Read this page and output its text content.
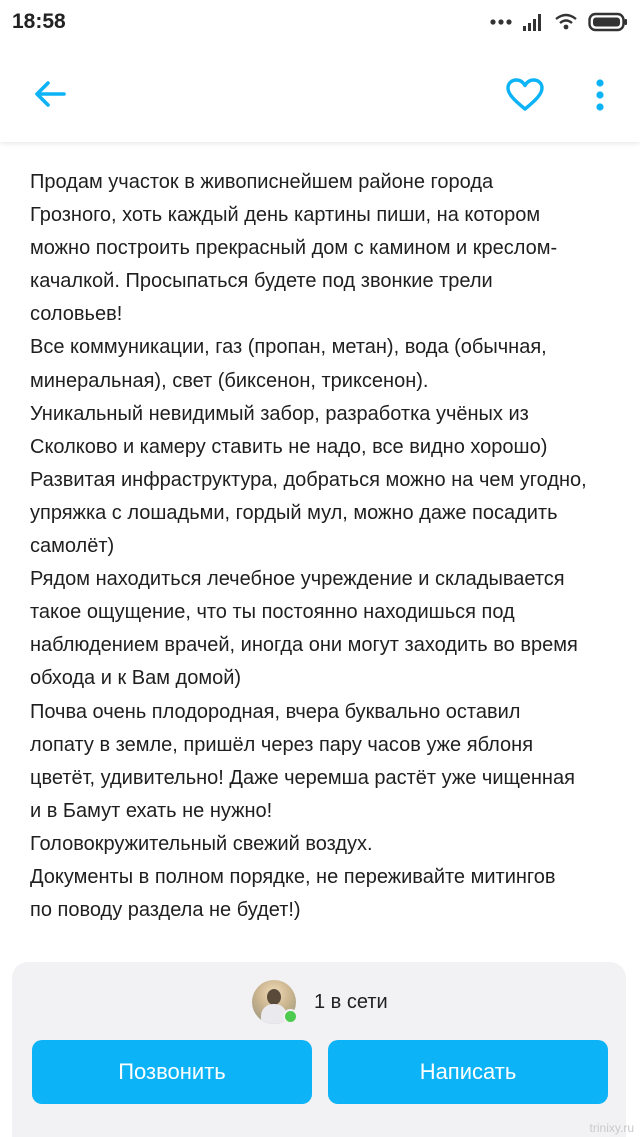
18:58
Продам участок в живописнейшем районе города
Грозного, хоть каждый день картины пиши, на котором
можно построить прекрасный дом с камином и креслом-
качалкой. Просыпаться будете под звонкие трели
соловьев!
Все коммуникации, газ (пропан, метан), вода (обычная,
минеральная), свет (биксенон, триксенон).
Уникальный невидимый забор, разработка учёных из
Сколково и камеру ставить не надо, все видно хорошо)
Развитая инфраструктура, добраться можно на чем угодно,
упряжка с лошадьми, гордый мул, можно даже посадить
самолёт)
Рядом находиться лечебное учреждение и складывается
такое ощущение, что ты постоянно находишься под
наблюдением врачей, иногда они могут заходить во время
обхода и к Вам домой)
Почва очень плодородная, вчера буквально оставил
лопату в земле, пришёл через пару часов уже яблоня
цветёт, удивительно! Даже черемша растёт уже чищенная
и в Бамут ехать не нужно!
Головокружительный свежий воздух.
Документы в полном порядке, не переживайте митингов
по поводу раздела не будет!)
1 в сети
Позвонить	Написать
trinixy.ru
